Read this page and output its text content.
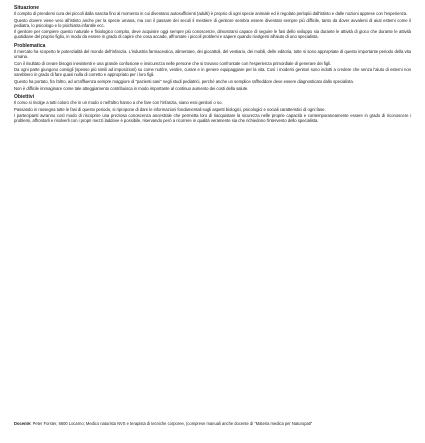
Situazione

Il compito di prendersi cura dei piccoli dalla nascita fino al momento in cui diventano autosufficienti (adulti) è proprio di ogni specie animale ed è regolato perlopiù dall'istinto e dalle nozioni apprese con l'esperienza.

Questo dovere viene vero all'istinto anche per la specie umana, ma con il passare dei secoli il mestiere di genitore sembra essere diventato sempre più difficile, tanto da dover avvalersi di aiuti esterni come il pediatra, lo psicologo e lo psichiatra infantile ecc.

Il genitore per compiere questo naturale e fisiologico compito, deve acquisire oggi sempre più conoscenze, dimostrarsi capace di seguire le fasi dello sviluppo sia durante le attività di gioco che durante le attività quotidiane del proprio figlio, in modo da essere in grado di capire che cosa accade, affrontare i piccoli problemi e sapere quando rivolgersi all'aiuto di uno specialista.

Problematica

Il mercato ha scoperto le potenzialità del mondo dell'infanzia. L'industria farmaceutica, alimentare, dei giocattoli, del vestiario, dei mobili, delle editoria, tutte si sono appropriate di questo importante periodo della vita umana.

Con il risultato di creare bisogni inesistenti e una grande confusione e insicurezza nelle persone che si trovano confrontate con l'esperienza primordiale di generare dei figli.

Da ogni parte giungono consigli (spesso più simili ad imposizioni) su come nutrire, vestire, curare e in genere equipaggiare per la vita. Così i moderni genitori sono indotti a credere che senza l'aiuto di esterni non sarebbero in grado di fare quasi nulla di corretto e appropriato per i loro figli.

Questo ha portato, fra l'altro, ad un'affluenza sempre maggiore di "pazienti sani" negli studi pediatrici, perché anche un semplice raffreddore deve essere diagnosticato dallo specialista.

Non è difficile immaginare come tale atteggiamento contribuisca in modo importante al continuo aumento dei costi della salute.

Obiettivi

Il corso si rivolge a tutti coloro che in un modo o nell'altro hanno a che fare con l'infanzia, siano essi genitori o no.

Passando in rassegna tutte le fasi di questo periodo, si ripropone di dare le informazioni fondamentali sugli aspetti biologici, psicologici e sociali caratteristici di ogni fase.

I partecipanti avranno così modo di riscoprire una preziosa conoscenza ancestrale che permetta loro di riacquistare la sicurezza nelle proprie capacità e contemporaneamente essere in grado di riconoscere i problemi, affrontarli e risolverli con i propri mezzi laddove è possibile, riservando però a ricorrere in qualità veramente sia che richiedono l'intervento dello specialista.

Docente: Peter Forster, 6600 Locarno; Medico naturista NVS e terapista di tecniche corporee, (comprese manuali anche docente di "Materia medica per Naturopati"
